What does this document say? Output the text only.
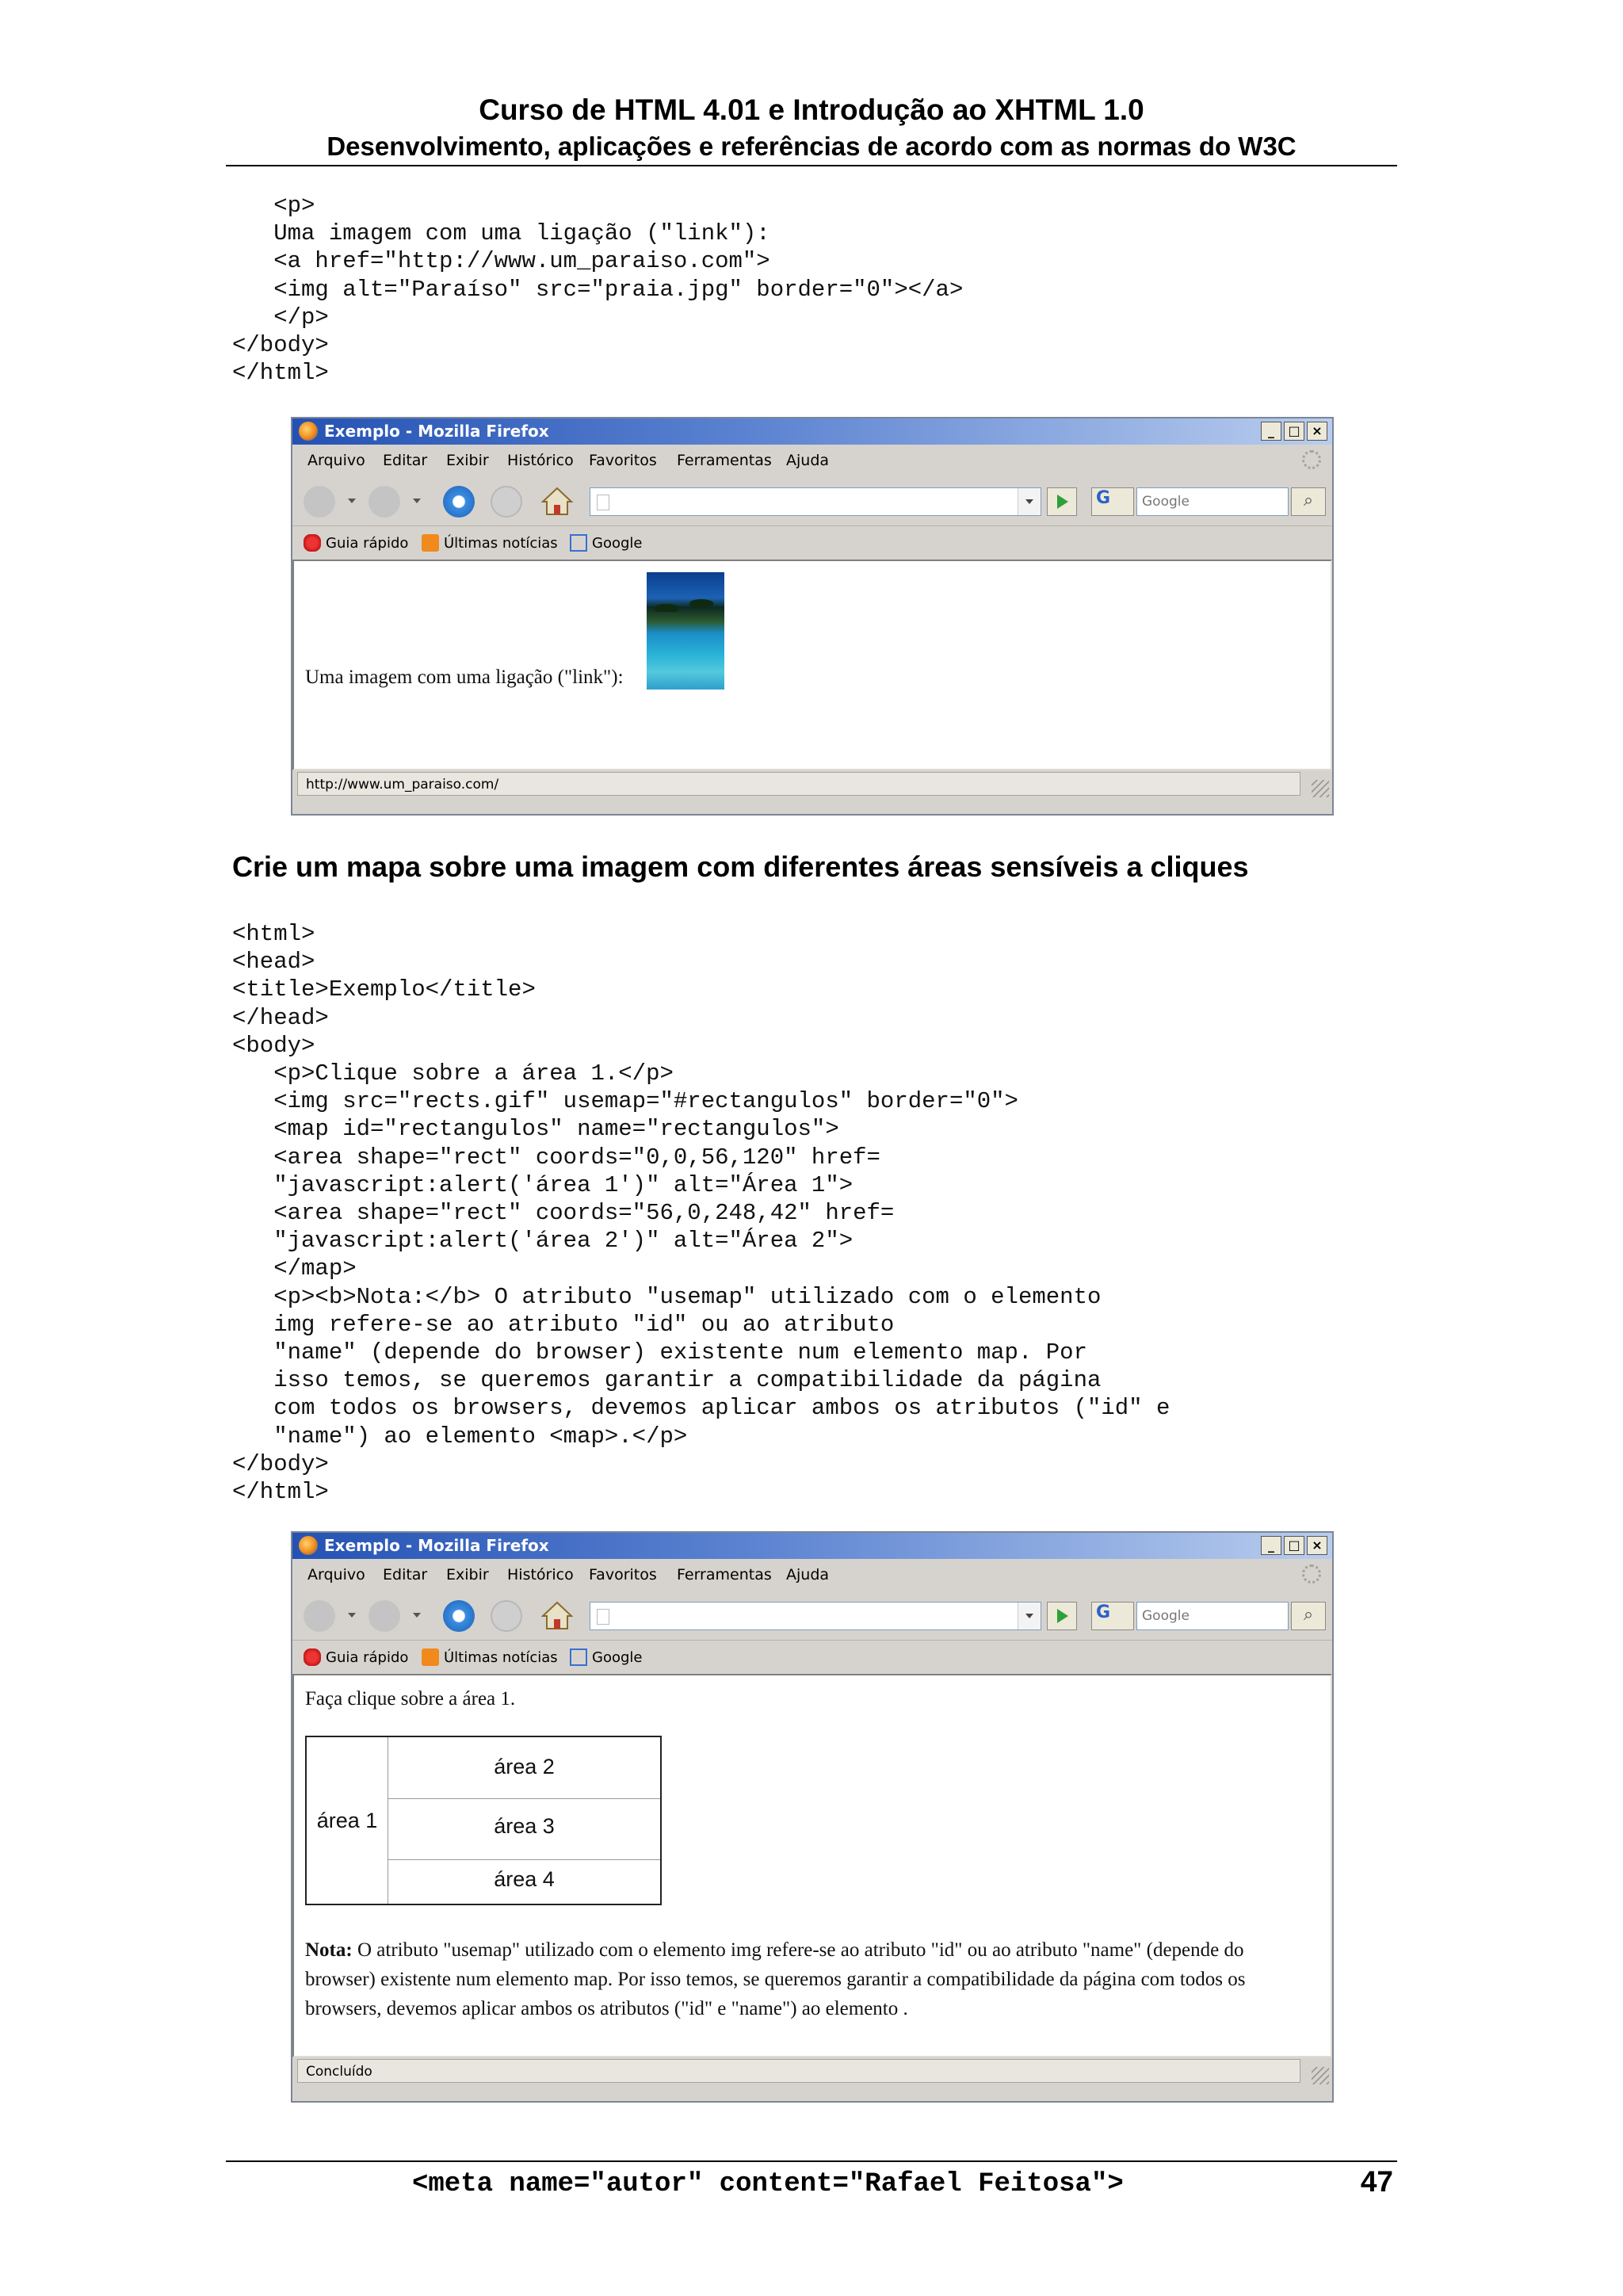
Curso de HTML 4.01 e Introdução ao XHTML 1.0
Desenvolvimento, aplicações e referências de acordo com as normas do W3C
<p>
Uma imagem com uma ligação ("link"):
<a href="http://www.um_paraiso.com">
<img alt="Paraíso" src="praia.jpg" border="0"></a>
</p>
</body>
</html>
Exemplo - Mozilla Firefox	_	□ ×
Arquivo Editar Exibir Histórico Favoritos Ferramentas Ajuda
G	Google	⌕
Guia rápido Últimas notícias Google
Uma imagem com uma ligação ("link"):
http://www.um_paraiso.com/
Crie um mapa sobre uma imagem com diferentes áreas sensíveis a cliques
<html>
<head>
<title>Exemplo</title>
</head>
<body>
<p>Clique sobre a área 1.</p>
<img src="rects.gif" usemap="#rectangulos" border="0">
<map id="rectangulos" name="rectangulos">
<area shape="rect" coords="0,0,56,120" href=
"javascript:alert('área 1')" alt="Área 1">
<area shape="rect" coords="56,0,248,42" href=
"javascript:alert('área 2')" alt="Área 2">
</map>
<p><b>Nota:</b> O atributo "usemap" utilizado com o elemento
img refere-se ao atributo "id" ou ao atributo
"name" (depende do browser) existente num elemento map. Por
isso temos, se queremos garantir a compatibilidade da página
com todos os browsers, devemos aplicar ambos os atributos ("id" e
"name") ao elemento <map>.</p>
</body>
</html>
Exemplo - Mozilla Firefox	_	□ ×
Arquivo Editar Exibir Histórico Favoritos Ferramentas Ajuda
G	Google	⌕
Guia rápido Últimas notícias Google
Faça clique sobre a área 1.
área 1
área 2
área 3
área 4
Nota: O atributo "usemap" utilizado com o elemento img refere-se ao atributo "id" ou ao atributo "name" (depende do browser) existente num elemento map. Por isso temos, se queremos garantir a compatibilidade da página com todos os browsers, devemos aplicar ambos os atributos ("id" e "name") ao elemento .
Concluído
<meta name="autor" content="Rafael Feitosa">	47
